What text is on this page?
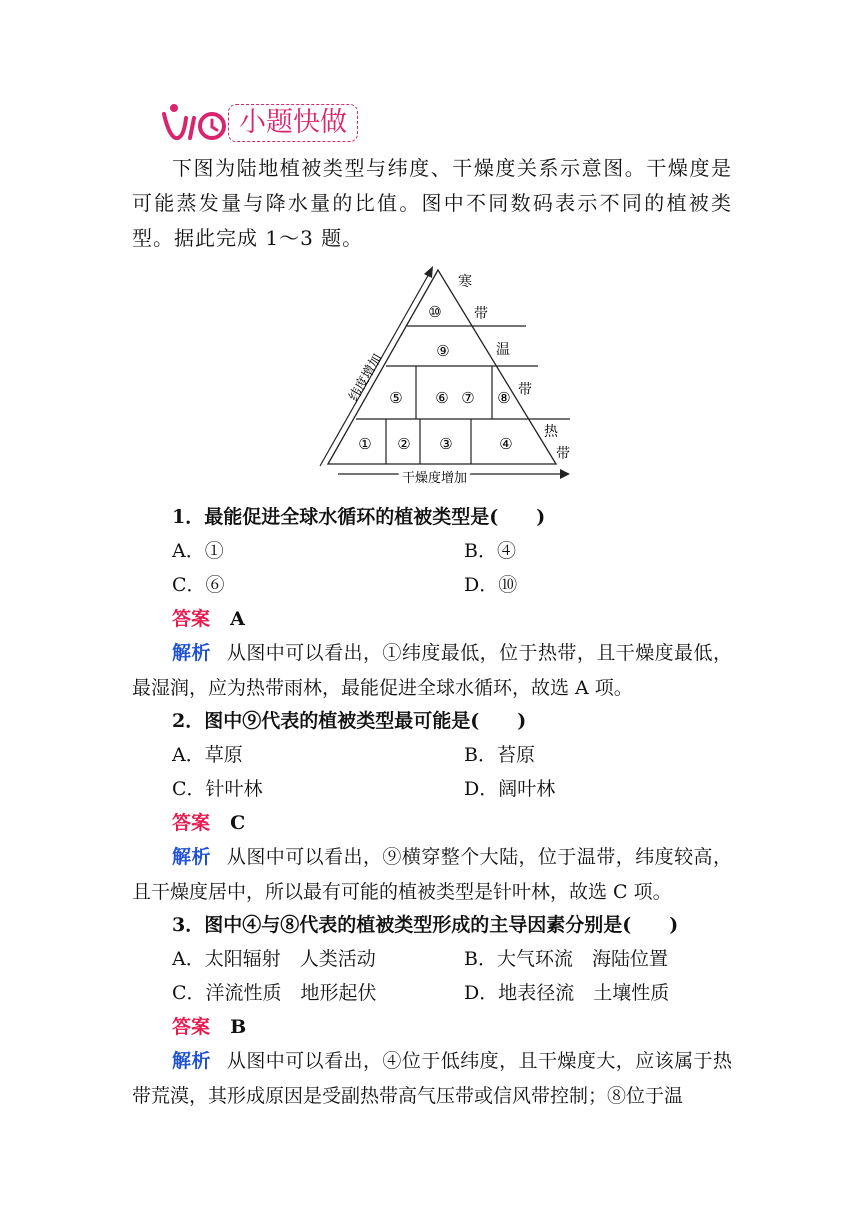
小题快做
下图为陆地植被类型与纬度、干燥度关系示意图。干燥度是可能蒸发量与降水量的比值。图中不同数码表示不同的植被类型。据此完成 1～3 题。
寒
带
温
带
热
带
纬度增加
干燥度增加
⑩
⑨
⑤ ⑥ ⑦ ⑧
① ② ③	④
1．最能促进全球水循环的植被类型是(　　)
A．①	B．④
C．⑥	D．⑩
答案 A
解析 从图中可以看出，①纬度最低，位于热带，且干燥度最低，最湿润，应为热带雨林，最能促进全球水循环，故选 A 项。
2．图中⑨代表的植被类型最可能是(　　)
A．草原	B．苔原
C．针叶林	D．阔叶林
答案 C
解析 从图中可以看出，⑨横穿整个大陆，位于温带，纬度较高，且干燥度居中，所以最有可能的植被类型是针叶林，故选 C 项。
3．图中④与⑧代表的植被类型形成的主导因素分别是(　　)
A．太阳辐射　人类活动	B．大气环流　海陆位置
C．洋流性质　地形起伏	D．地表径流　土壤性质
答案 B
解析 从图中可以看出，④位于低纬度，且干燥度大，应该属于热带荒漠，其形成原因是受副热带高气压带或信风带控制；⑧位于温
